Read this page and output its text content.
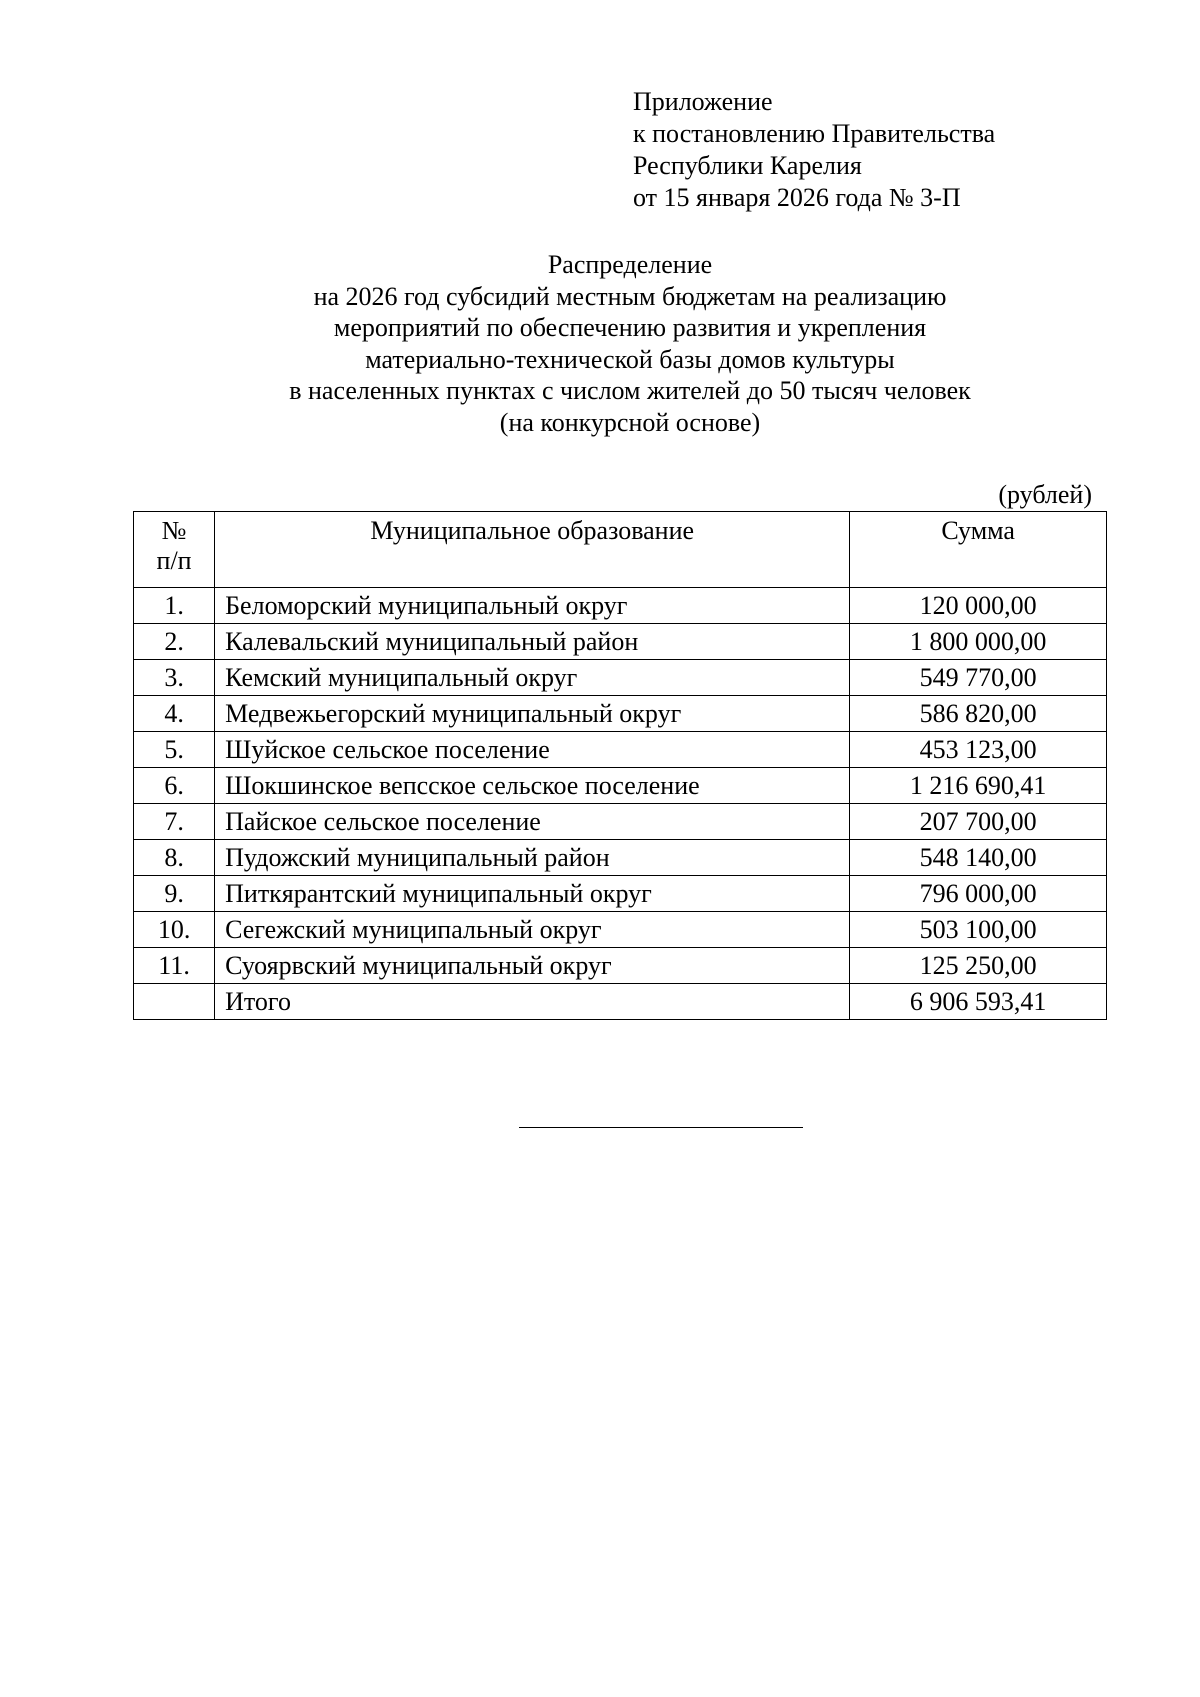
Приложение
к постановлению Правительства
Республики Карелия
от 15 января 2026 года № 3-П
Распределение
на 2026 год субсидий местным бюджетам на реализацию
мероприятий по обеспечению развития и укрепления
материально-технической базы домов культуры
в населенных пунктах с числом жителей до 50 тысяч человек
(на конкурсной основе)
(рублей)
№
п/п	Муниципальное образование	Сумма
1.	Беломорский муниципальный округ	120 000,00
2.	Калевальский муниципальный район	1 800 000,00
3.	Кемский муниципальный округ	549 770,00
4.	Медвежьегорский муниципальный округ	586 820,00
5.	Шуйское сельское поселение	453 123,00
6.	Шокшинское вепсское сельское поселение	1 216 690,41
7.	Пайское сельское поселение	207 700,00
8.	Пудожский муниципальный район	548 140,00
9.	Питкярантский муниципальный округ	796 000,00
10.	Сегежский муниципальный округ	503 100,00
11.	Суоярвский муниципальный округ	125 250,00
	Итого	6 906 593,41
